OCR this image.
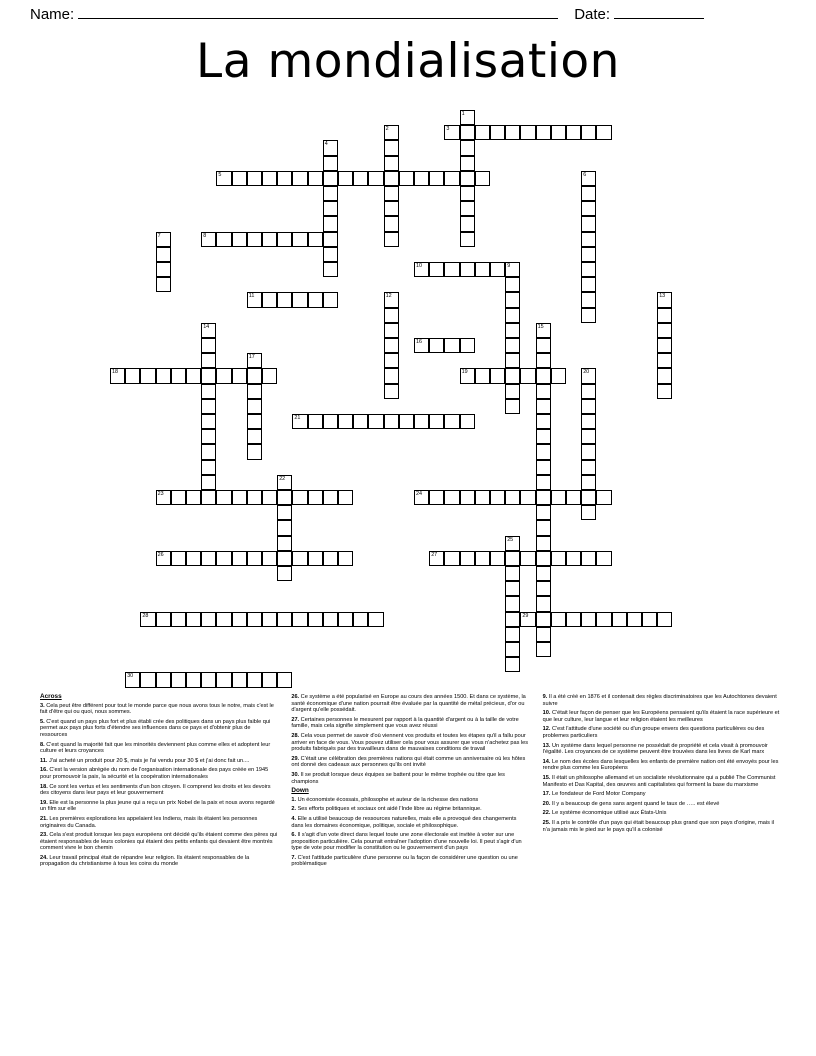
Name:	Date:
La mondialisation
1
2	3
4
5	6
7	8
9
10
11	12	13
14	15
16
17
18	19	20
21
22
23	24
25
26	27
28	29
30
Across

3. Cela peut être différent pour tout le monde parce que nous avons tous le notre, mais c'est le fait d'être qui ou quoi, nous sommes.

5. C'est quand un pays plus fort et plus établi crée des politiques dans un pays plus faible qui permet aux pays plus forts d'étendre ses influences dans ce pays et d'obtenir plus de ressources

8. C'est quand la majorité fait que les minorités deviennent plus comme elles et adoptent leur culture et leurs croyances

11. J'ai acheté un produit pour 20 $, mais je l'ai vendu pour 30 $ et j'ai donc fait un....

16. C'est la version abrégée du nom de l'organisation internationale des pays créée en 1945 pour promouvoir la paix, la sécurité et la coopération internationales

18. Ce sont les vertus et les sentiments d'un bon citoyen. Il comprend les droits et les devoirs des citoyens dans leur pays et leur gouvernement

19. Elle est la personne la plus jeune qui a reçu un prix Nobel de la paix et nous avons regardé un film sur elle

21. Les premières explorations les appelaient les Indiens, mais ils étaient les personnes originaires du Canada.

23. Cela s'est produit lorsque les pays européens ont décidé qu'ils étaient comme des pères qui étaient responsables de leurs colonies qui étaient des petits enfants qui devaient être montrés comment vivre le bon chemin

24. Leur travail principal était de répandre leur religion. Ils étaient responsables de la propagation du christianisme à tous les coins du monde

26. Ce système a été popularisé en Europe au cours des années 1500. Et dans ce système, la santé économique d'une nation pourrait être évaluée par la quantité de métal précieux, d'or ou d'argent qu'elle possédait.

27. Certaines personnes le mesurent par rapport à la quantité d'argent ou à la taille de votre famille, mais cela signifie simplement que vous avez réussi

28. Cela vous permet de savoir d'où viennent vos produits et toutes les étapes qu'il a fallu pour arriver en face de vous. Vous pouvez utiliser cela pour vous assurer que vous n'achetez pas les produits fabriqués par des travailleurs dans de mauvaises conditions de travail

29. C'était une célébration des premières nations qui était comme un anniversaire où les hôtes ont donné des cadeaux aux personnes qu'ils ont invité

30. Il se produit lorsque deux équipes se battent pour le même trophée ou titre que les champions

Down

1. Un économiste écossais, philosophe et auteur de la richesse des nations

2. Ses efforts politiques et sociaux ont aidé l'Inde libre au régime britannique.

4. Elle a utilisé beaucoup de ressources naturelles, mais elle a provoqué des changements dans les domaines économique, politique, sociale et philosophique.

6. Il s'agit d'un vote direct dans lequel toute une zone électorale est invitée à voter sur une proposition particulière. Cela pourrait entraîner l'adoption d'une nouvelle loi. Il peut s'agir d'un type de vote pour modifier la constitution ou le gouvernement d'un pays

7. C'est l'attitude particulière d'une personne ou la façon de considérer une question ou une problématique

9. Il a été créé en 1876 et il contenait des règles discriminatoires que les Autochtones devaient suivre

10. C'était leur façon de penser que les Européens pensaient qu'ils étaient la race supérieure et que leur culture, leur langue et leur religion étaient les meilleures

12. C'est l'attitude d'une société ou d'un groupe envers des questions particulières ou des problemes particuliers

13. Un système dans lequel personne ne possédait de propriété et cela visait à promouvoir l'égalité. Les croyances de ce système peuvent être trouvées dans les livres de Karl marx

14. Le nom des écoles dans lesquelles les enfants de première nation ont été envoyés pour les rendre plus comme les Européens

15. Il était un philosophe allemand et un socialiste révolutionnaire qui a publié The Communist Manifesto et Das Kapital, des œuvres anti capitalistes qui forment la base du marxisme

17. Le fondateur de Ford Motor Company

20. Il y a beaucoup de gens sans argent quand le taux de ….. est élevé

22. Le système économique utilisé aux États-Unis

25. Il a pris le contrôle d'un pays qui était beaucoup plus grand que son pays d'origine, mais il n'a jamais mis le pied sur le pays qu'il a colonisé
